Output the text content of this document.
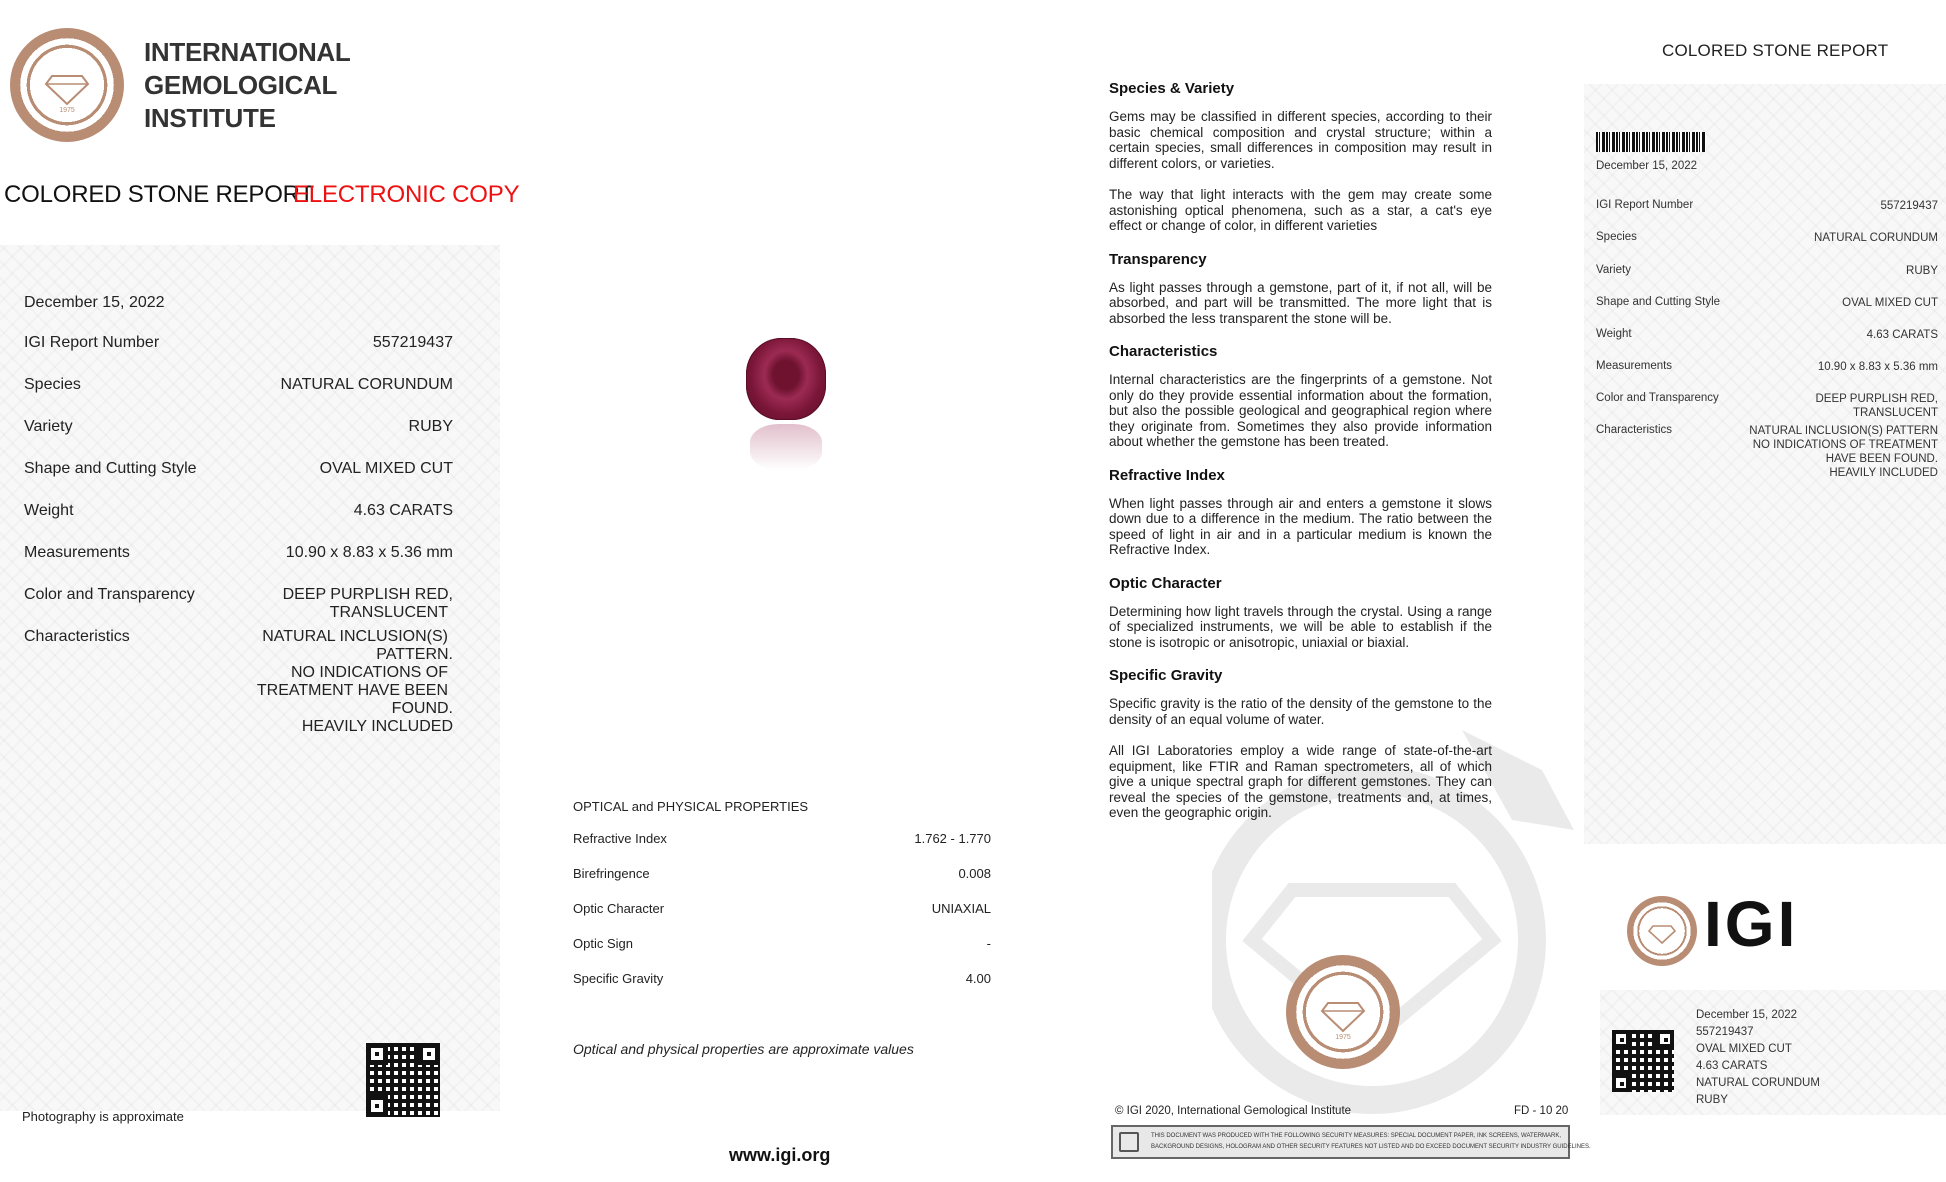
1975
INTERNATIONAL
GEMOLOGICAL
INSTITUTE
COLORED STONE REPORT
ELECTRONIC COPY
December 15, 2022
IGI Report Number	557219437
Species	NATURAL CORUNDUM
Variety	RUBY
Shape and Cutting Style	OVAL MIXED CUT
Weight	4.63 CARATS
Measurements	10.90 x 8.83 x 5.36 mm
Color and Transparency	DEEP PURPLISH RED,
TRANSLUCENT
Characteristics	NATURAL INCLUSION(S)
PATTERN.
NO INDICATIONS OF
TREATMENT HAVE BEEN
FOUND.
HEAVILY INCLUDED
Photography is approximate
OPTICAL and PHYSICAL PROPERTIES
Refractive Index	1.762 - 1.770
Birefringence	0.008
Optic Character	UNIAXIAL
Optic Sign	-
Specific Gravity	4.00
Optical and physical properties are approximate values
www.igi.org
Species & Variety

Gems may be classified in different species, according to their basic chemical composition and crystal structure; within a certain species, small differences in composition may result in different colors, or varieties.

The way that light interacts with the gem may create some astonishing optical phenomena, such as a star, a cat's eye effect or change of color, in different varieties

Transparency

As light passes through a gemstone, part of it, if not all, will be absorbed, and part will be transmitted. The more light that is absorbed the less transparent the stone will be.

Characteristics

Internal characteristics are the fingerprints of a gemstone. Not only do they provide essential information about the formation, but also the possible geological and geographical region where they originate from. Sometimes they also provide information about whether the gemstone has been treated.

Refractive Index

When light passes through air and enters a gemstone it slows down due to a difference in the medium. The ratio between the speed of light in air and in a particular medium is known the Refractive Index.

Optic Character

Determining how light travels through the crystal. Using a range of specialized instruments, we will be able to establish if the stone is isotropic or anisotropic, uniaxial or biaxial.

Specific Gravity

Specific gravity is the ratio of the density of the gemstone to the density of an equal volume of water.

All IGI Laboratories employ a wide range of state-of-the-art equipment, like FTIR and Raman spectrometers, all of which give a unique spectral graph for different gemstones. They can reveal the species of the gemstone, treatments and, at times, even the geographic origin.

1975
© IGI 2020, International Gemological Institute	FD - 10 20
THIS DOCUMENT WAS PRODUCED WITH THE FOLLOWING SECURITY MEASURES: SPECIAL DOCUMENT PAPER, INK SCREENS, WATERMARK,
BACKGROUND DESIGNS, HOLOGRAM AND OTHER SECURITY FEATURES NOT LISTED AND DO EXCEED DOCUMENT SECURITY INDUSTRY GUIDELINES.
COLORED STONE REPORT
December 15, 2022
IGI Report Number	557219437
Species	NATURAL CORUNDUM
Variety	RUBY
Shape and Cutting Style	OVAL MIXED CUT
Weight	4.63 CARATS
Measurements	10.90 x 8.83 x 5.36 mm
Color and Transparency	DEEP PURPLISH RED,
TRANSLUCENT
Characteristics	NATURAL INCLUSION(S) PATTERN
NO INDICATIONS OF TREATMENT
HAVE BEEN FOUND.
HEAVILY INCLUDED
IGI
December 15, 2022
557219437
OVAL MIXED CUT
4.63 CARATS
NATURAL CORUNDUM
RUBY
